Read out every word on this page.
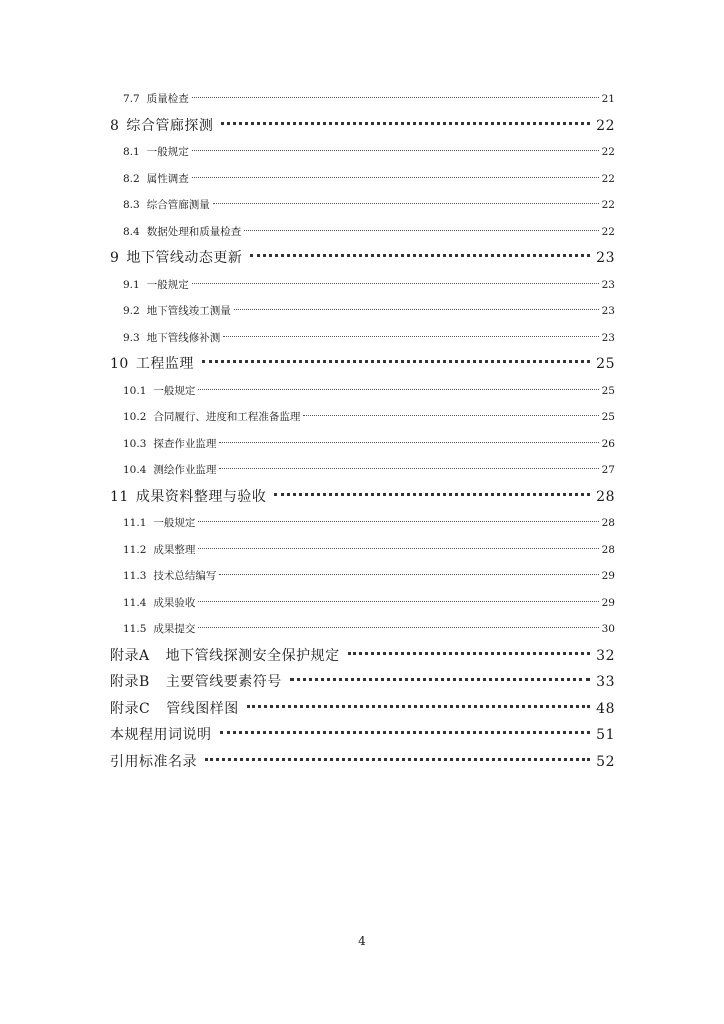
7.7 质量检查	21
8 综合管廊探测	22
8.1 一般规定	22
8.2 属性调查	22
8.3 综合管廊测量	22
8.4 数据处理和质量检查	22
9 地下管线动态更新	23
9.1 一般规定	23
9.2 地下管线竣工测量	23
9.3 地下管线修补测	23
10 工程监理	25
10.1 一般规定	25
10.2 合同履行、进度和工程准备监理	25
10.3 探查作业监理	26
10.4 测绘作业监理	27
11 成果资料整理与验收	28
11.1 一般规定	28
11.2 成果整理	28
11.3 技术总结编写	29
11.4 成果验收	29
11.5 成果提交	30
附录A 地下管线探测安全保护规定	32
附录B 主要管线要素符号	33
附录C 管线图样图	48
本规程用词说明	51
引用标准名录	52
4
